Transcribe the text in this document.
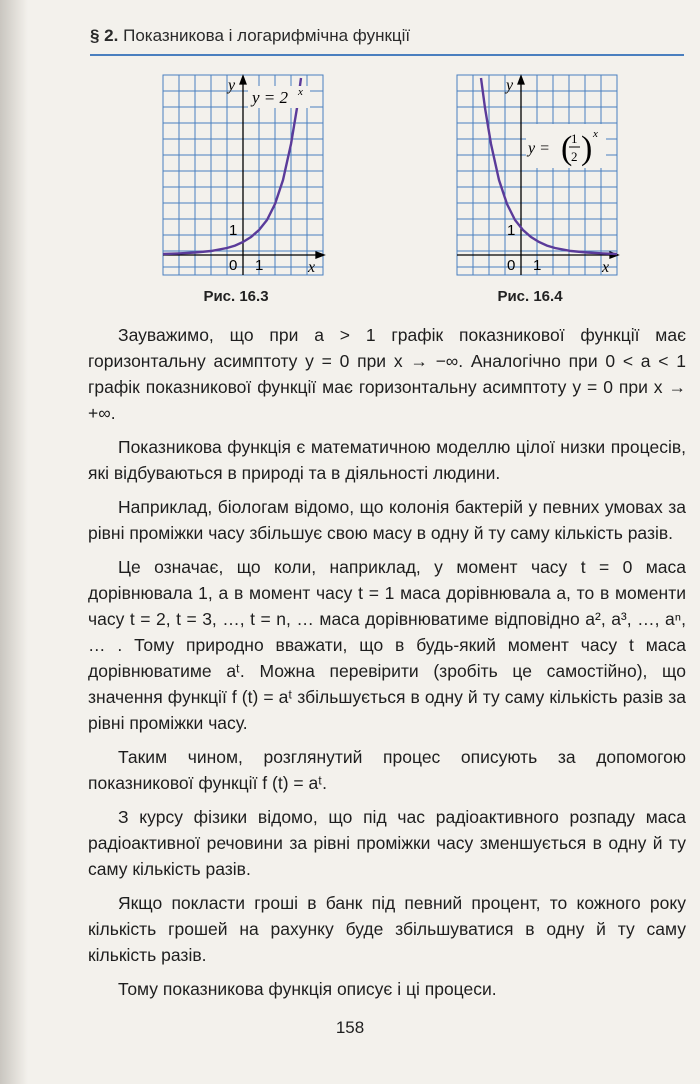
§ 2. Показникова і логарифмічна функції
y = 2 x
y
x
0 1
1
Рис. 16.3
y = (
1
2 ) x
y
x
0 1
1
Рис. 16.4

Зауважимо, що при a > 1 графік показникової функції має горизонтальну асимптоту y = 0 при x → −∞. Аналогічно при 0 < a < 1 графік показникової функції має горизонтальну асимптоту y = 0 при x → +∞.

Показникова функція є математичною моделлю цілої низки процесів, які відбуваються в природі та в діяльності людини.

Наприклад, біологам відомо, що колонія бактерій у певних умовах за рівні проміжки часу збільшує свою масу в одну й ту саму кількість разів.

Це означає, що коли, наприклад, у момент часу t = 0 маса дорівнювала 1, а в момент часу t = 1 маса дорівнювала a, то в моменти часу t = 2, t = 3, …, t = n, … маса дорівнюватиме відповідно a², a³, …, aⁿ, … . Тому природно вважати, що в будь-який момент часу t маса дорівнюватиме aᵗ. Можна перевірити (зробіть це самостійно), що значення функції f (t) = aᵗ збільшується в одну й ту саму кількість разів за рівні проміжки часу.

Таким чином, розглянутий процес описують за допомогою показникової функції f (t) = aᵗ.

З курсу фізики відомо, що під час радіоактивного розпаду маса радіоактивної речовини за рівні проміжки часу зменшується в одну й ту саму кількість разів.

Якщо покласти гроші в банк під певний процент, то кожного року кількість грошей на рахунку буде збільшуватися в одну й ту саму кількість разів.

Тому показникова функція описує і ці процеси.

158
